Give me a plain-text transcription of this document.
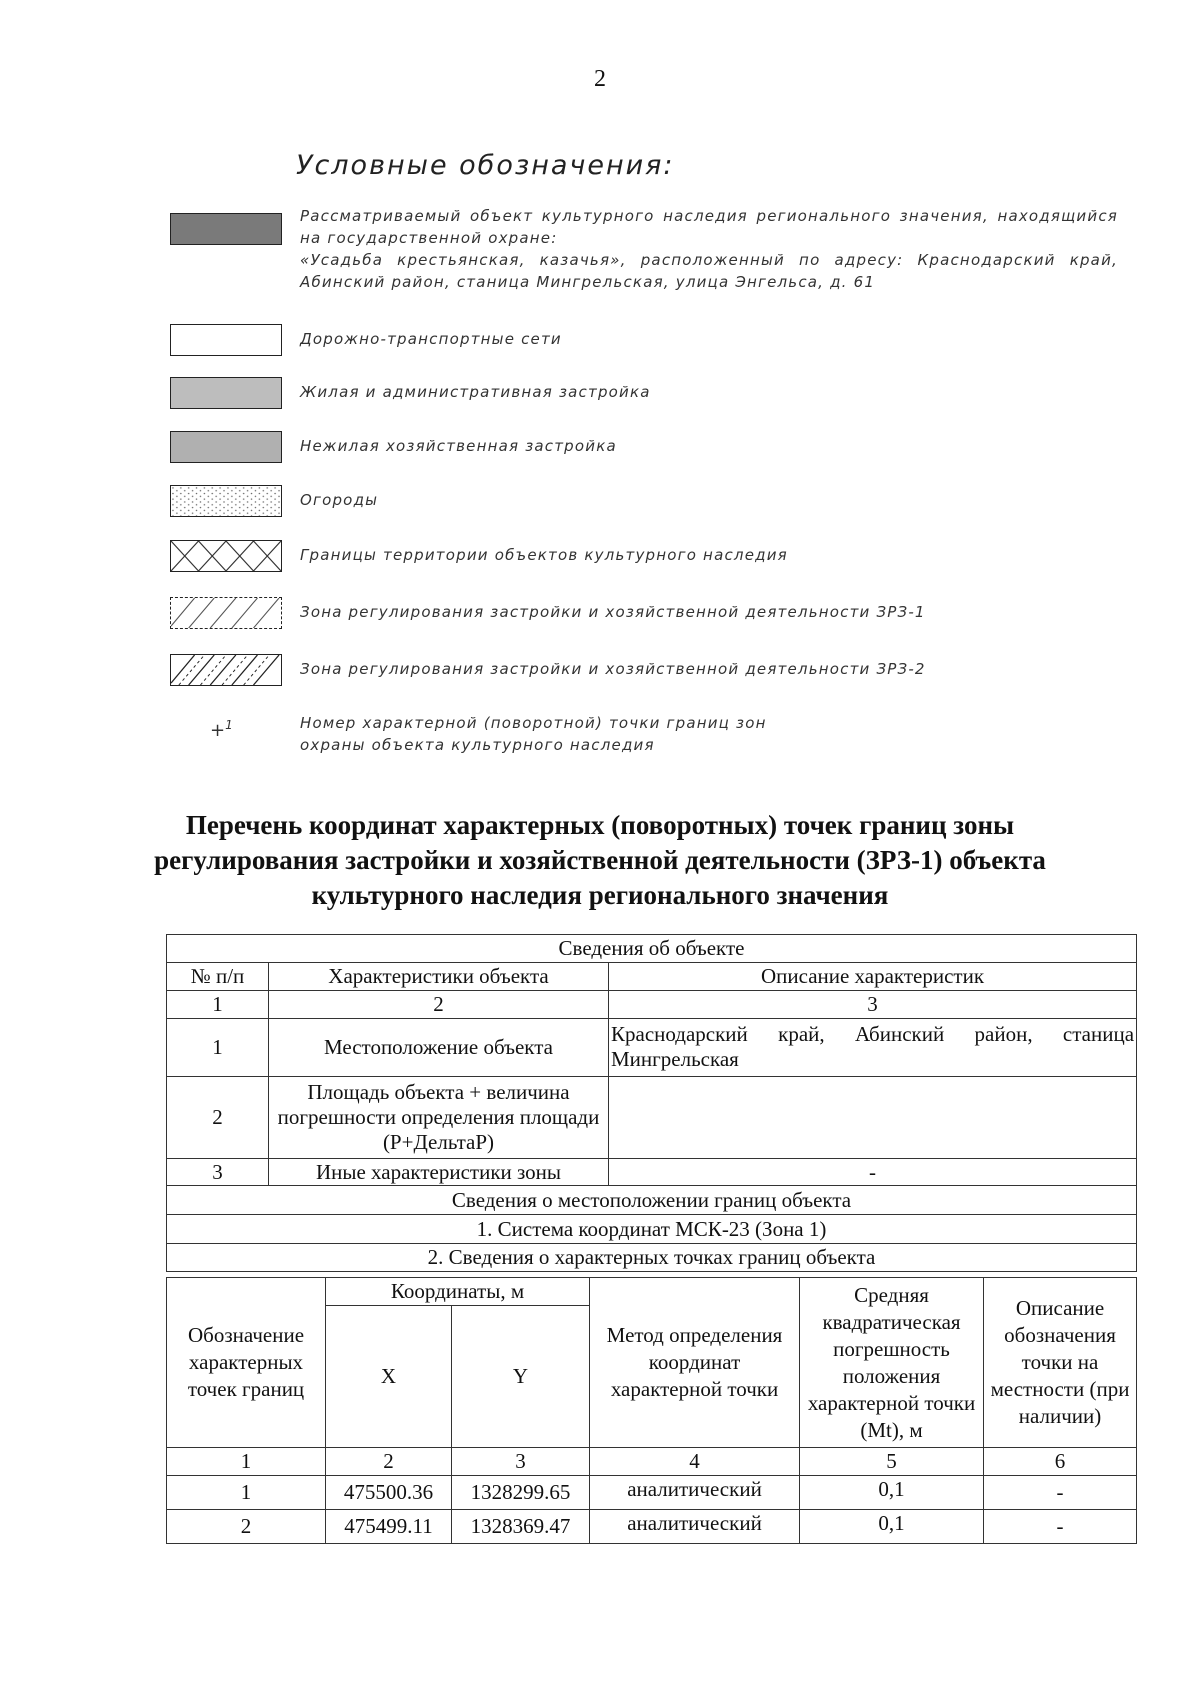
2
Условные обозначения:
Рассматриваемый объект культурного наследия регионального значения, находящийся
на государственной охране:
«Усадьба крестьянская, казачья», расположенный по адресу: Краснодарский край,
Абинский район, станица Мингрельская, улица Энгельса, д. 61
Дорожно-транспортные сети
Жилая и административная застройка
Нежилая хозяйственная застройка
Огороды
Границы территории объектов культурного наследия
Зона регулирования застройки и хозяйственной деятельности ЗРЗ-1
Зона регулирования застройки и хозяйственной деятельности ЗРЗ-2
+$^1$	Номер характерной (поворотной) точки границ зон
охраны объекта культурного наследия
Перечень координат характерных (поворотных) точек границ зоны
регулирования застройки и хозяйственной деятельности (ЗРЗ-1) объекта
культурного наследия регионального значения
Сведения об объекте		
№ п/п	Характеристики объекта	Описание характеристик
1	2	3
1	Местоположение объекта	Краснодарский край, Абинский район, станица
Мингрельская

2	Площадь объекта + величина погрешности определения площади (Р+ДельтаР)	
3	Иные характеристики зоны	-
Сведения о местоположении границ объекта		
1. Система координат МСК-23 (Зона 1)		
2. Сведения о характерных точках границ объекта		
Обозначение характерных точек границ	Координаты, м		Метод определения координат характерной точки	Средняя квадратическая погрешность положения характерной точки (Mt), м	Описание обозначения точки на местности (при наличии)
	X	Y			
1	2	3	4	5	6
1	475500.36	1328299.65	аналитический	0,1	-
2	475499.11	1328369.47	аналитический	0,1	-
